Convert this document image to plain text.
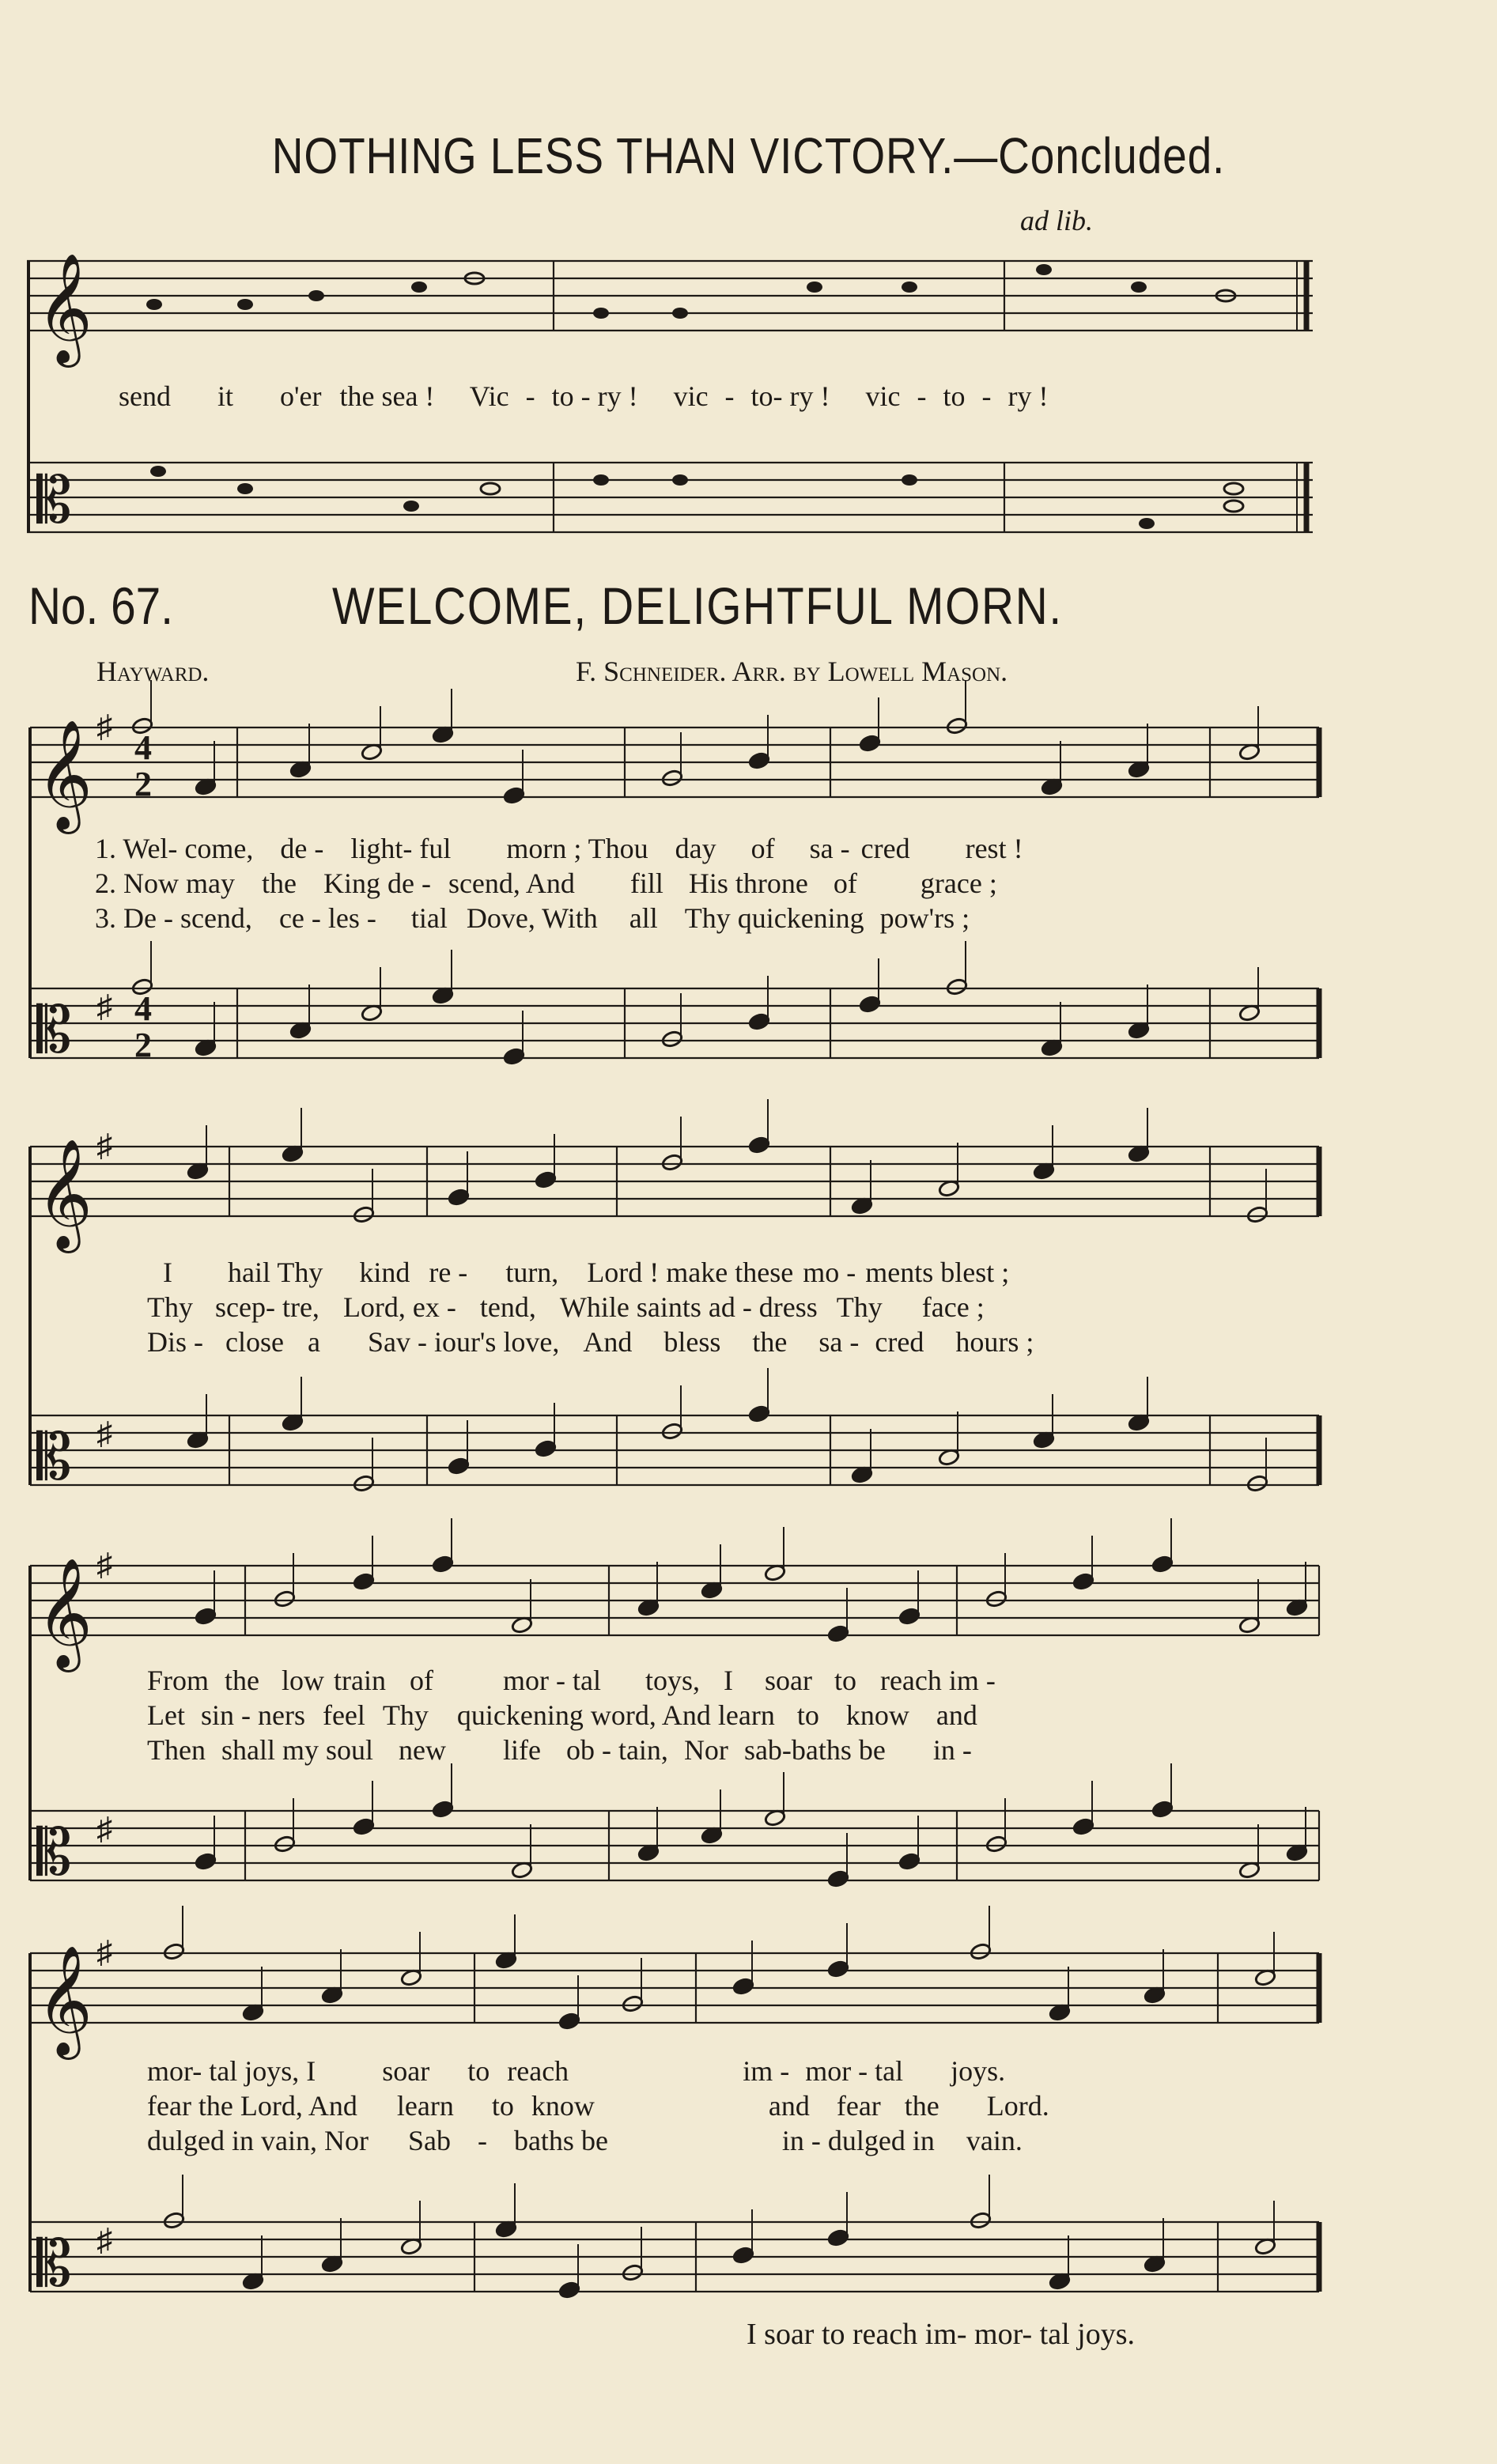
NOTHING LESS THAN VICTORY.—Concluded.
ad lib.
𝄞
𝄡
send it o'er the sea ! Vic - to - ry ! vic - to- ry ! vic - to - ry !
No. 67.	WELCOME, DELIGHTFUL MORN.
Hayward.	F. Schneider. Arr. by Lowell Mason.
𝄞 ♯
𝄡 ♯
𝄞 ♯
𝄡 ♯
𝄞 ♯
𝄡 ♯
𝄞 ♯
𝄡 ♯
4
2
4
2
1. Wel- come, de - light- ful morn ; Thou day of sa - cred rest !
2. Now may the King de - scend, And fill His throne of grace ;
3. De - scend, ce - les - tial Dove, With all Thy quickening pow'rs ;
I hail Thy kind re - turn, Lord ! make these mo - ments blest ;
Thy scep- tre, Lord, ex - tend, While saints ad - dress Thy face ;
Dis - close a Sav - iour's love, And bless the sa - cred hours ;
From the low train of mor - tal toys, I soar to reach im -
Let sin - ners feel Thy quickening word, And learn to know and
Then shall my soul new life ob - tain, Nor sab-baths be in -
mor- tal joys, I soar to reach	im - mor - tal joys.
fear the Lord, And learn to know	and fear the Lord.
dulged in vain, Nor Sab - baths be	in - dulged in vain.
I soar to reach im- mor- tal joys.
